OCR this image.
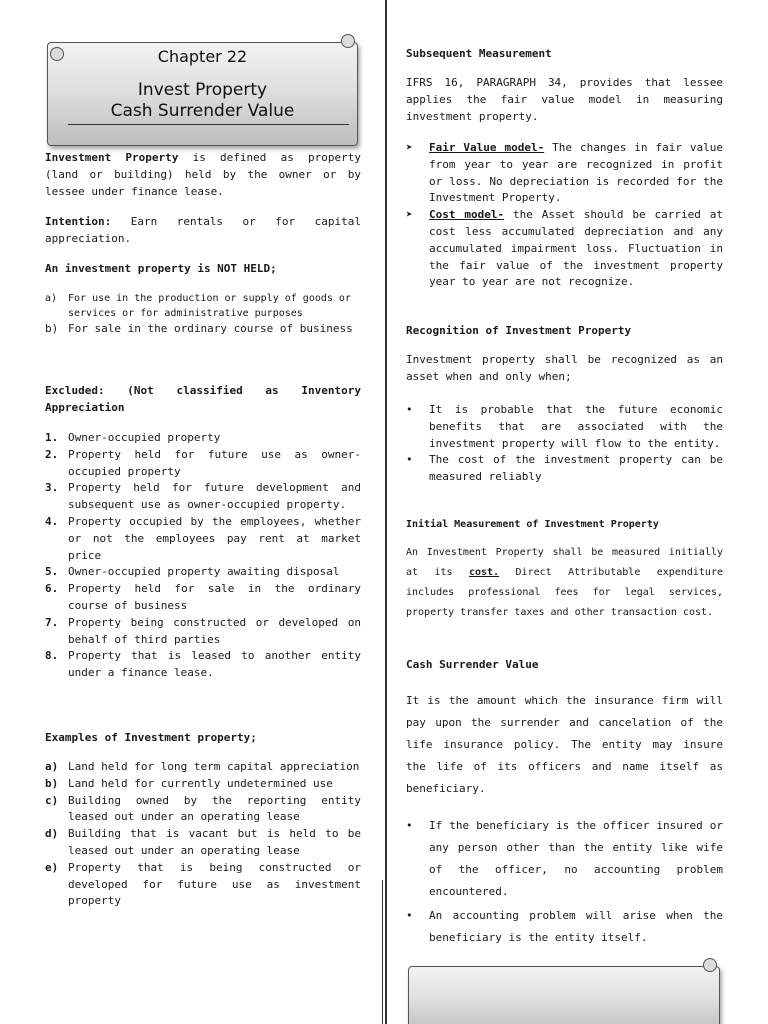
Chapter 22
Invest Property
Cash Surrender Value
Investment Property is defined as property (land or building) held by the owner or by lessee under finance lease.
Intention: Earn rentals or for capital appreciation.
An investment property is NOT HELD;
a)	For use in the production or supply of goods or services or for administrative purposes
b) For sale in the ordinary course of business
Excluded: (Not classified as Inventory Appreciation
1. Owner-occupied property
2. Property held for future use as owner-occupied property
3. Property held for future development and subsequent use as owner-occupied property.
4. Property occupied by the employees, whether or not the employees pay rent at market price
5. Owner-occupied property awaiting disposal
6. Property held for sale in the ordinary course of business
7. Property being constructed or developed on behalf of third parties
8. Property that is leased to another entity under a finance lease.
Examples of Investment property;
a) Land held for long term capital appreciation
b) Land held for currently undetermined use
c) Building owned by the reporting entity leased out under an operating lease
d) Building that is vacant but is held to be leased out under an operating lease
e) Property that is being constructed or developed for future use as investment property
Subsequent Measurement
IFRS 16, PARAGRAPH 34, provides that lessee applies the fair value model in measuring investment property.
➤	Fair Value model- The changes in fair value from year to year are recognized in profit or loss. No depreciation is recorded for the Investment Property.
➤	Cost model- the Asset should be carried at cost less accumulated depreciation and any accumulated impairment loss. Fluctuation in the fair value of the investment property year to year are not recognize.
Recognition of Investment Property
Investment property shall be recognized as an asset when and only when;
•	It is probable that the future economic benefits that are associated with the investment property will flow to the entity.
•	The cost of the investment property can be measured reliably
Initial Measurement of Investment Property
An Investment Property shall be measured initially at its cost. Direct Attributable expenditure includes professional fees for legal services, property transfer taxes and other transaction cost.
Cash Surrender Value
It is the amount which the insurance firm will pay upon the surrender and cancelation of the life insurance policy. The entity may insure the life of its officers and name itself as beneficiary.
•	If the beneficiary is the officer insured or any person other than the entity like wife of the officer, no accounting problem encountered.
•	An accounting problem will arise when the beneficiary is the entity itself.
